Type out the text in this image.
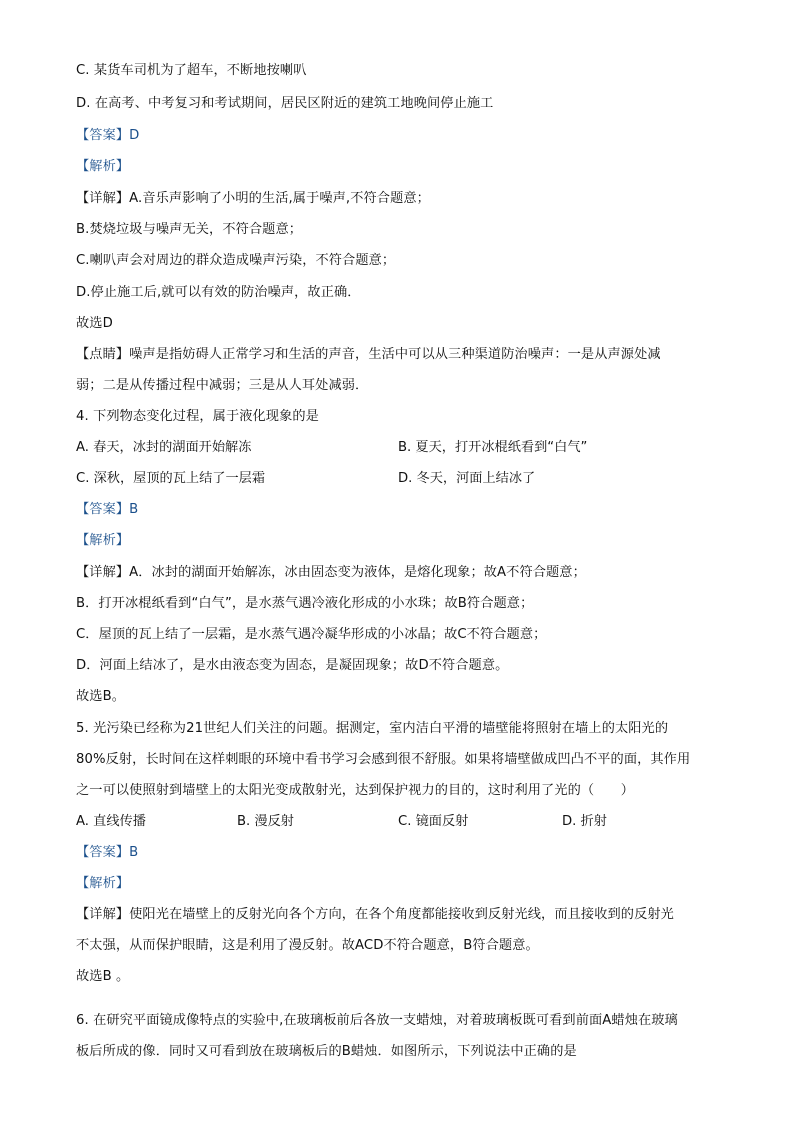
C. 某货车司机为了超车，不断地按喇叭
D. 在高考、中考复习和考试期间，居民区附近的建筑工地晚间停止施工
【答案】D
【解析】
【详解】A.音乐声影响了小明的生活,属于噪声,不符合题意；
B.焚烧垃圾与噪声无关，不符合题意；
C.喇叭声会对周边的群众造成噪声污染，不符合题意；
D.停止施工后,就可以有效的防治噪声，故正确．
故选D
【点睛】噪声是指妨碍人正常学习和生活的声音，生活中可以从三种渠道防治噪声：一是从声源处减
弱；二是从传播过程中减弱；三是从人耳处减弱．
4. 下列物态变化过程，属于液化现象的是
A. 春天，冰封的湖面开始解冻	B. 夏天，打开冰棍纸看到“白气”
C. 深秋，屋顶的瓦上结了一层霜	D. 冬天，河面上结冰了
【答案】B
【解析】
【详解】A．冰封的湖面开始解冻，冰由固态变为液体，是熔化现象；故A不符合题意；
B．打开冰棍纸看到“白气”，是水蒸气遇冷液化形成的小水珠；故B符合题意；
C．屋顶的瓦上结了一层霜，是水蒸气遇冷凝华形成的小冰晶；故C不符合题意；
D．河面上结冰了，是水由液态变为固态，是凝固现象；故D不符合题意。
故选B。
5. 光污染已经称为21世纪人们关注的问题。据测定，室内洁白平滑的墙壁能将照射在墙上的太阳光的
80%反射，长时间在这样刺眼的环境中看书学习会感到很不舒服。如果将墙壁做成凹凸不平的面，其作用
之一可以使照射到墙壁上的太阳光变成散射光，达到保护视力的目的，这时利用了光的（　　）
A. 直线传播	B. 漫反射	C. 镜面反射	D. 折射
【答案】B
【解析】
【详解】使阳光在墙壁上的反射光向各个方向，在各个角度都能接收到反射光线，而且接收到的反射光
不太强，从而保护眼睛，这是利用了漫反射。故ACD不符合题意，B符合题意。
故选B 。
6. 在研究平面镜成像特点的实验中,在玻璃板前后各放一支蜡烛，对着玻璃板既可看到前面A蜡烛在玻璃
板后所成的像．同时又可看到放在玻璃板后的B蜡烛．如图所示，下列说法中正确的是
